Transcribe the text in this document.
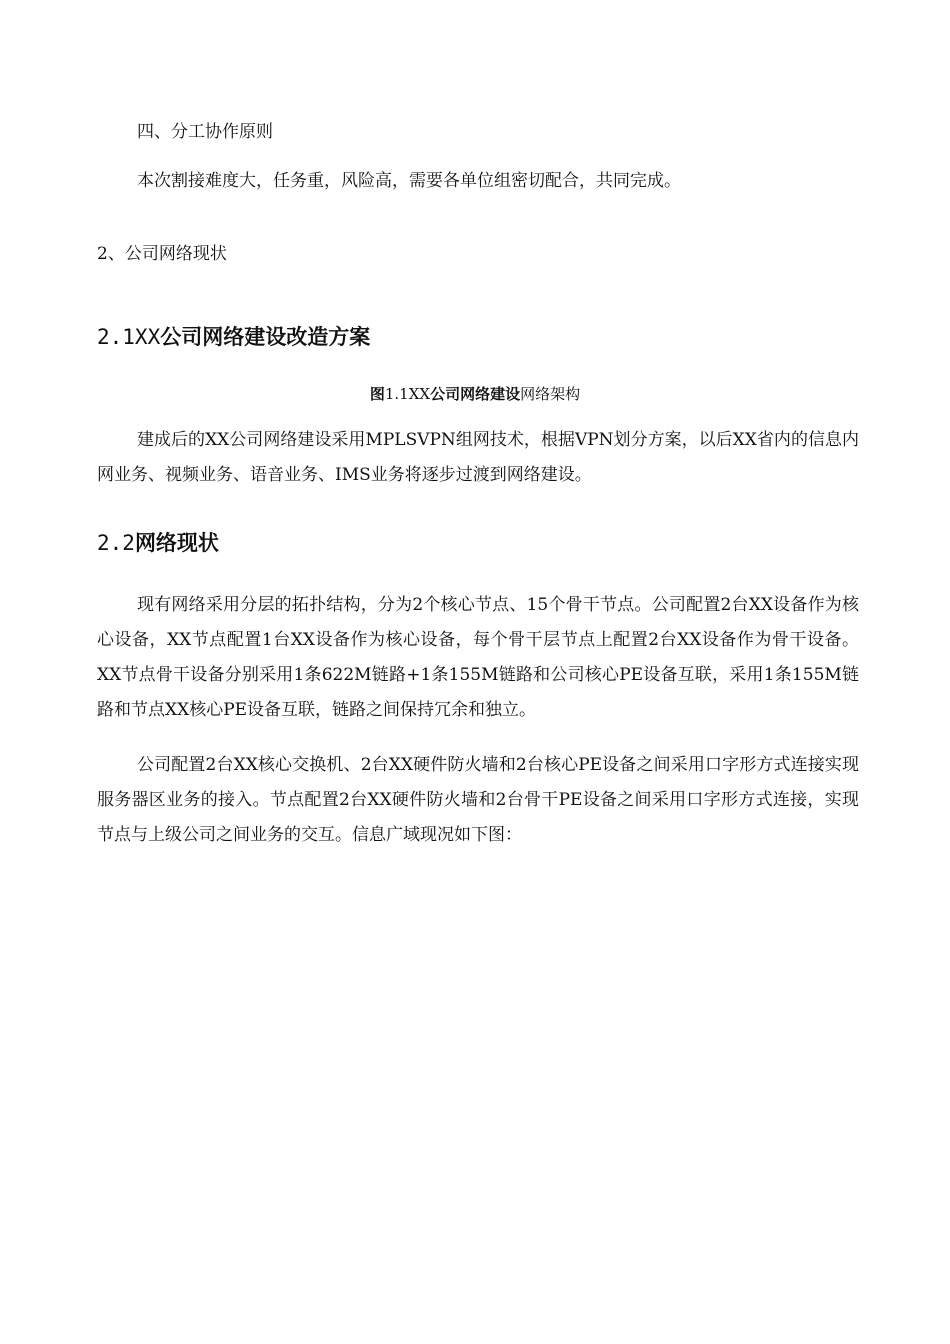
四、分工协作原则
本次割接难度大，任务重，风险高，需要各单位组密切配合，共同完成。
2、公司网络现状
2.1XX公司网络建设改造方案
图1.1XX公司网络建设网络架构
建成后的XX公司网络建设采用MPLSVPN组网技术，根据VPN划分方案，以后XX省内的信息内网业务、视频业务、语音业务、IMS业务将逐步过渡到网络建设。
2.2网络现状
现有网络采用分层的拓扑结构，分为2个核心节点、15个骨干节点。公司配置2台XX设备作为核心设备，XX节点配置1台XX设备作为核心设备，每个骨干层节点上配置2台XX设备作为骨干设备。XX节点骨干设备分别采用1条622M链路+1条155M链路和公司核心PE设备互联，采用1条155M链路和节点XX核心PE设备互联，链路之间保持冗余和独立。
公司配置2台XX核心交换机、2台XX硬件防火墙和2台核心PE设备之间采用口字形方式连接实现服务器区业务的接入。节点配置2台XX硬件防火墙和2台骨干PE设备之间采用口字形方式连接，实现节点与上级公司之间业务的交互。信息广域现况如下图：
